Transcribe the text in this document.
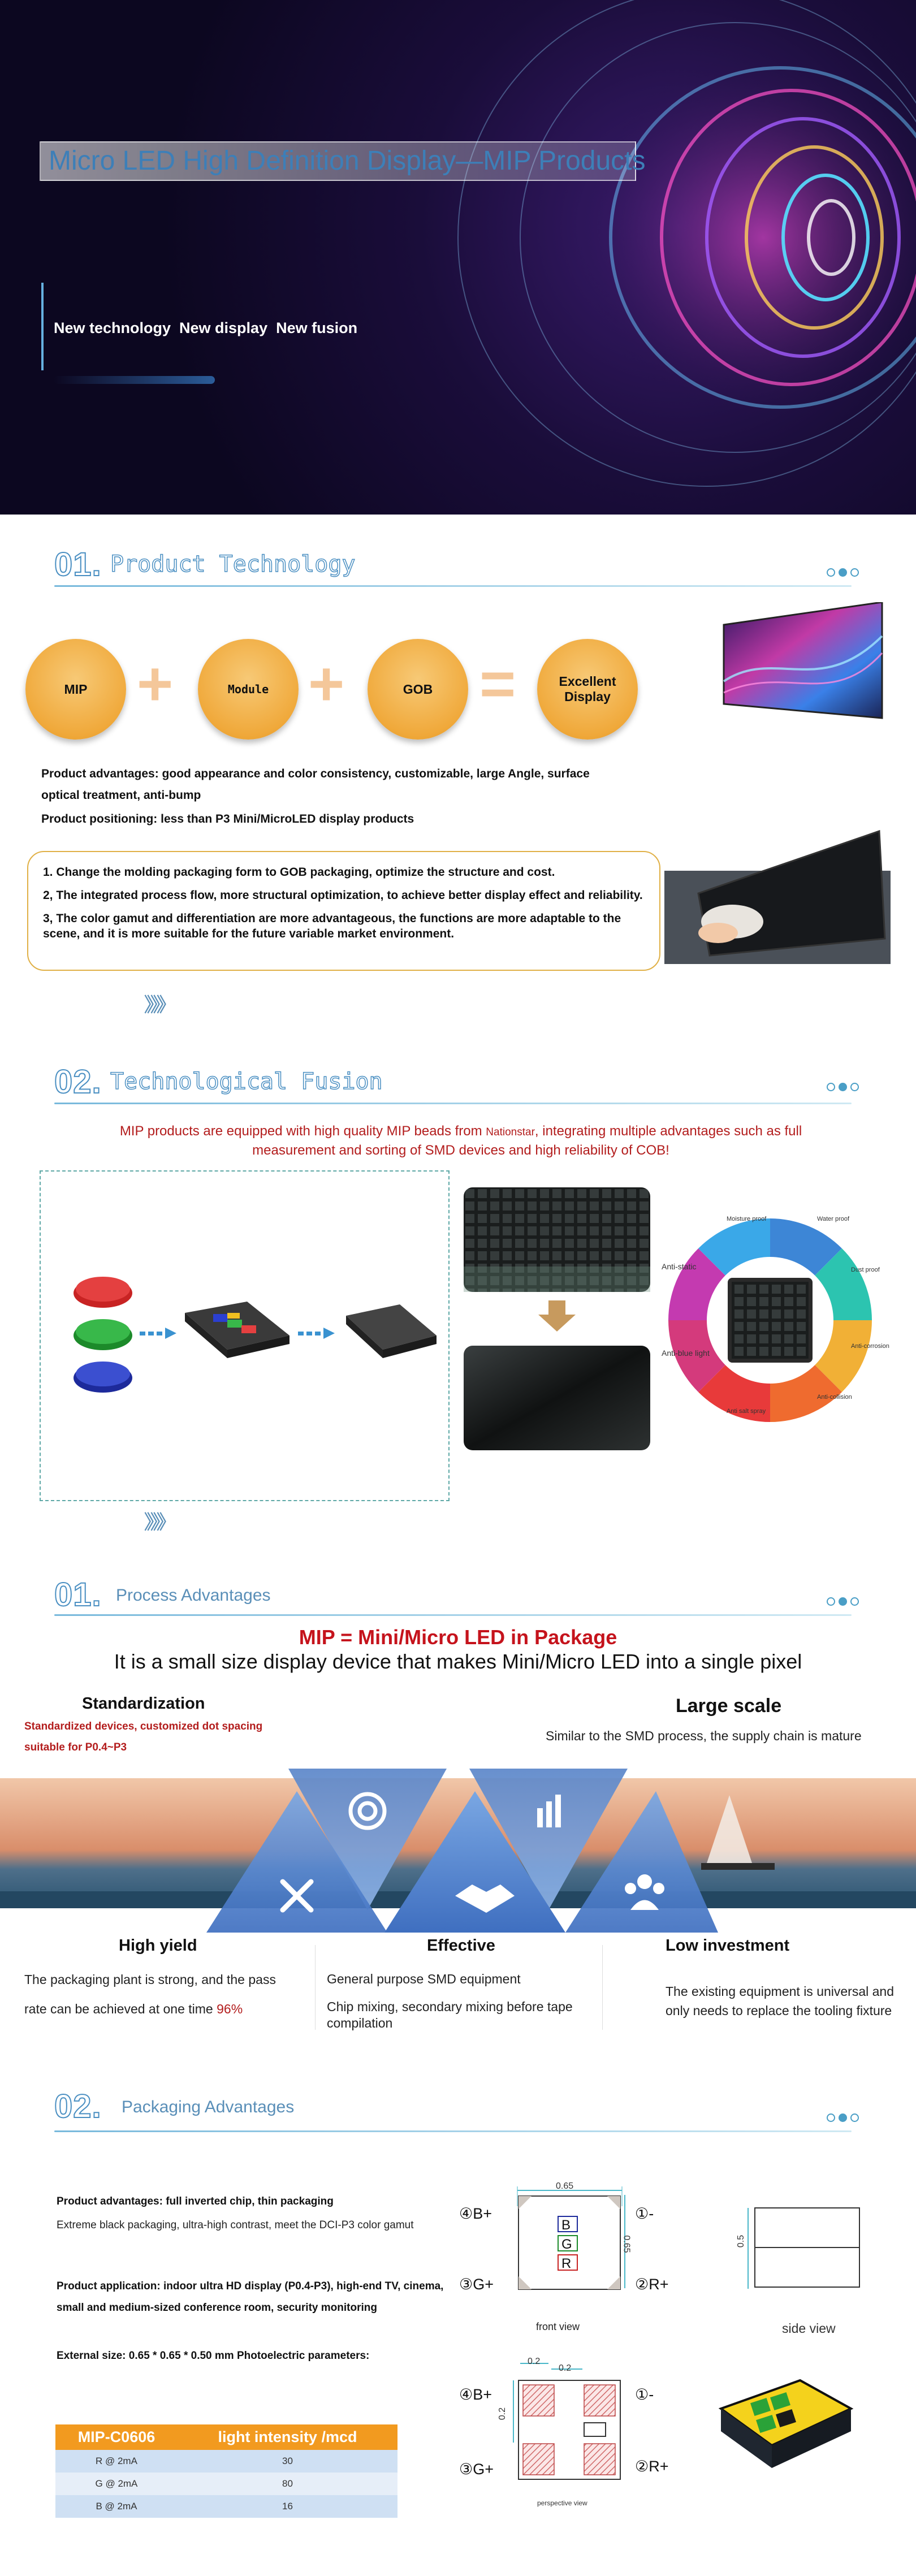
Micro LED High Definition Display—MIP Products
New technology  New display  New fusion
01. Product Technology
MIP +	Module +	GOB =	Excellent Display
Product advantages: good appearance and color consistency, customizable, large Angle, surface optical treatment, anti-bump
Product positioning: less than P3 Mini/MicroLED display products

1. Change the molding packaging form to GOB packaging, optimize the structure and cost.

2, The integrated process flow, more structural optimization, to achieve better display effect and reliability.

3, The color gamut and differentiation are more advantageous, the functions are more adaptable to the scene, and it is more suitable for the future variable market environment.

》》》
02. Technological Fusion
MIP products are equipped with high quality MIP beads from Nationstar, integrating multiple advantages such as full measurement and sorting of SMD devices and high reliability of COB!
Anti-static
Anti-blue light
Anti salt spray
Anti-collision
Anti-corrosion
Dust proof
Water proof
Moisture proof
》》》
01. Process Advantages
MIP = Mini/Micro LED in Package
It is a small size display device that makes Mini/Micro LED into a single pixel
Standardization
Standardized devices, customized dot spacing suitable for P0.4~P3
Large scale
Similar to the SMD process, the supply chain is mature
High yield
The packaging plant is strong, and the pass rate can be achieved at one time 96%
Effective
General purpose SMD equipment
Chip mixing, secondary mixing before tape compilation
Low investment
The existing equipment is universal and only needs to replace the tooling fixture
02. Packaging Advantages
Product advantages: full inverted chip, thin packaging
Extreme black packaging, ultra-high contrast, meet the DCI-P3 color gamut
Product application: indoor ultra HD display (P0.4-P3), high-end TV, cinema, small and medium-sized conference room, security monitoring
External size: 0.65 * 0.65 * 0.50 mm Photoelectric parameters:
MIP-C0606	light intensity /mcd
R @ 2mA	30
G @ 2mA	80
B @ 2mA	16
0.65
0.65
B
G
R
④B+	①-
③G+	②R+
front view
0.5
side view
0.2
0.2
0.2
④B+	①-
③G+	②R+
perspective view
